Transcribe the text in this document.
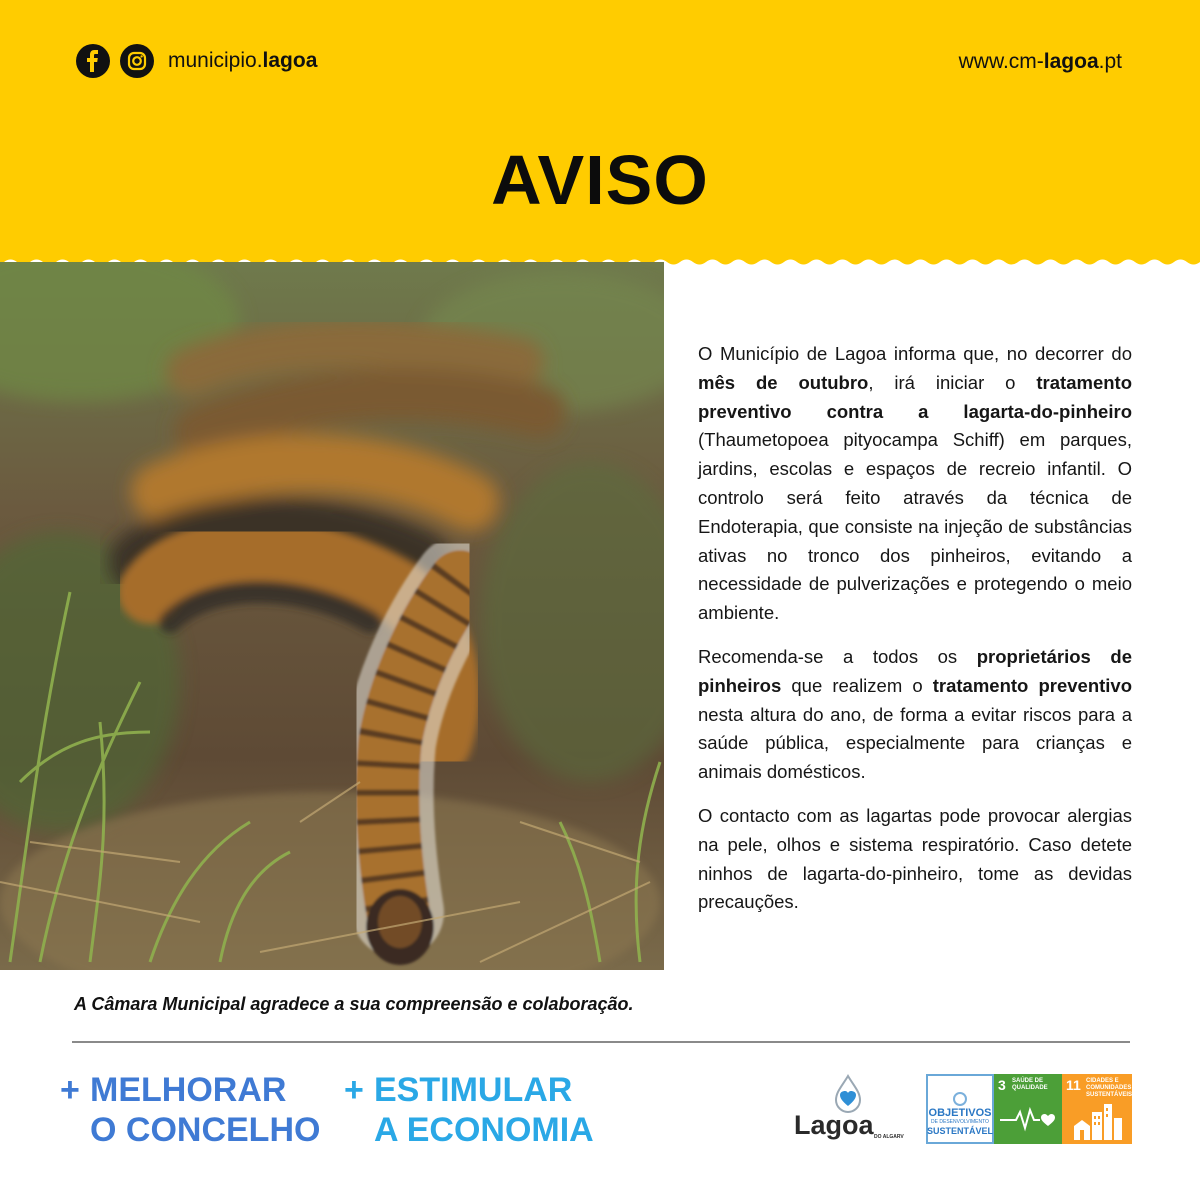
municipio.lagoa	www.cm-lagoa.pt
AVISO

O Município de Lagoa informa que, no decorrer do mês de outubro, irá iniciar o tratamento preventivo contra a lagarta-do-pinheiro (Thaumetopoea pityocampa Schiff) em parques, jardins, escolas e espaços de recreio infantil. O controlo será feito através da técnica de Endoterapia, que consiste na injeção de substâncias ativas no tronco dos pinheiros, evitando a necessidade de pulverizações e protegendo o meio ambiente.

Recomenda-se a todos os proprietários de pinheiros que realizem o tratamento preventivo nesta altura do ano, de forma a evitar riscos para a saúde pública, especialmente para crianças e animais domésticos.

O contacto com as lagartas pode provocar alergias na pele, olhos e sistema respiratório. Caso detete ninhos de lagarta-do-pinheiro, tome as devidas precauções.

A Câmara Municipal agradece a sua compreensão e colaboração.
+ MELHORAR
O CONCELHO
+ ESTIMULAR
A ECONOMIA	Lagoa DO ALGARVE
OBJETIVOS
DE DESENVOLVIMENTO
SUSTENTÁVEL
3 SAÚDE DE QUALIDADE	11 CIDADES E COMUNIDADES SUSTENTÁVEIS
